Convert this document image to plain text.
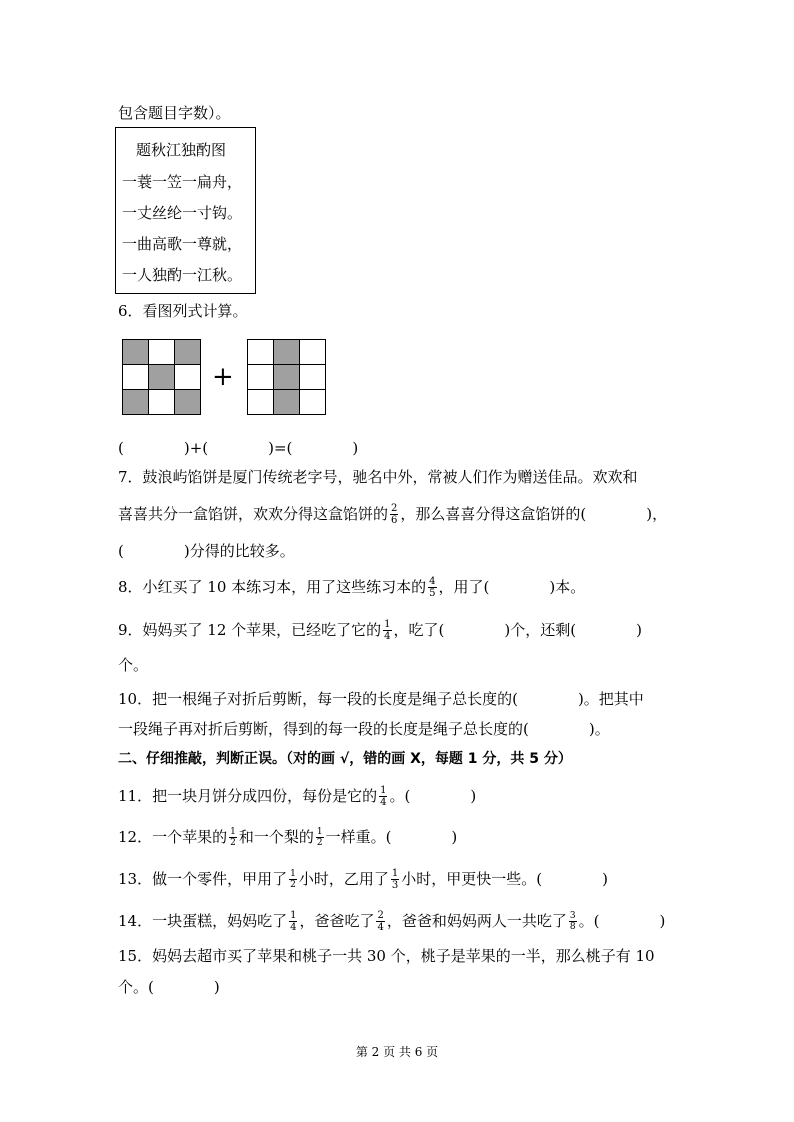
包含题目字数）。
题秋江独酌图
一蓑一笠一扁舟，
一丈丝纶一寸钩。
一曲高歌一尊就，
一人独酌一江秋。
6．看图列式计算。

+

(　　　　)+(　　　　)=(　　　　)
7．鼓浪屿馅饼是厦门传统老字号，驰名中外，常被人们作为赠送佳品。欢欢和
喜喜共分一盒馅饼，欢欢分得这盒馅饼的 $\frac{2}{6}$ ，那么喜喜分得这盒馅饼的(　　　　)，
(　　　　)分得的比较多。
8．小红买了 10 本练习本，用了这些练习本的 $\frac{4}{5}$ ，用了(　　　　)本。
9．妈妈买了 12 个苹果，已经吃了它的 $\frac{1}{4}$ ，吃了(　　　　)个，还剩(　　　　)
个。
10．把一根绳子对折后剪断，每一段的长度是绳子总长度的(　　　　)。把其中
一段绳子再对折后剪断，得到的每一段的长度是绳子总长度的(　　　　)。
二、仔细推敲，判断正误。（对的画 √，错的画 X，每题 1 分，共 5 分）
11．把一块月饼分成四份，每份是它的 $\frac{1}{4}$ 。(　　　　)
12．一个苹果的 $\frac{1}{2}$ 和一个梨的 $\frac{1}{2}$ 一样重。(　　　　)
13．做一个零件，甲用了 $\frac{1}{2}$ 小时，乙用了 $\frac{1}{3}$ 小时，甲更快一些。(　　　　)
14．一块蛋糕，妈妈吃了 $\frac{1}{4}$ ，爸爸吃了 $\frac{2}{4}$ ，爸爸和妈妈两人一共吃了 $\frac{3}{8}$ 。(　　　　)
15．妈妈去超市买了苹果和桃子一共 30 个，桃子是苹果的一半，那么桃子有 10
个。(　　　　)
第 2 页 共 6 页
